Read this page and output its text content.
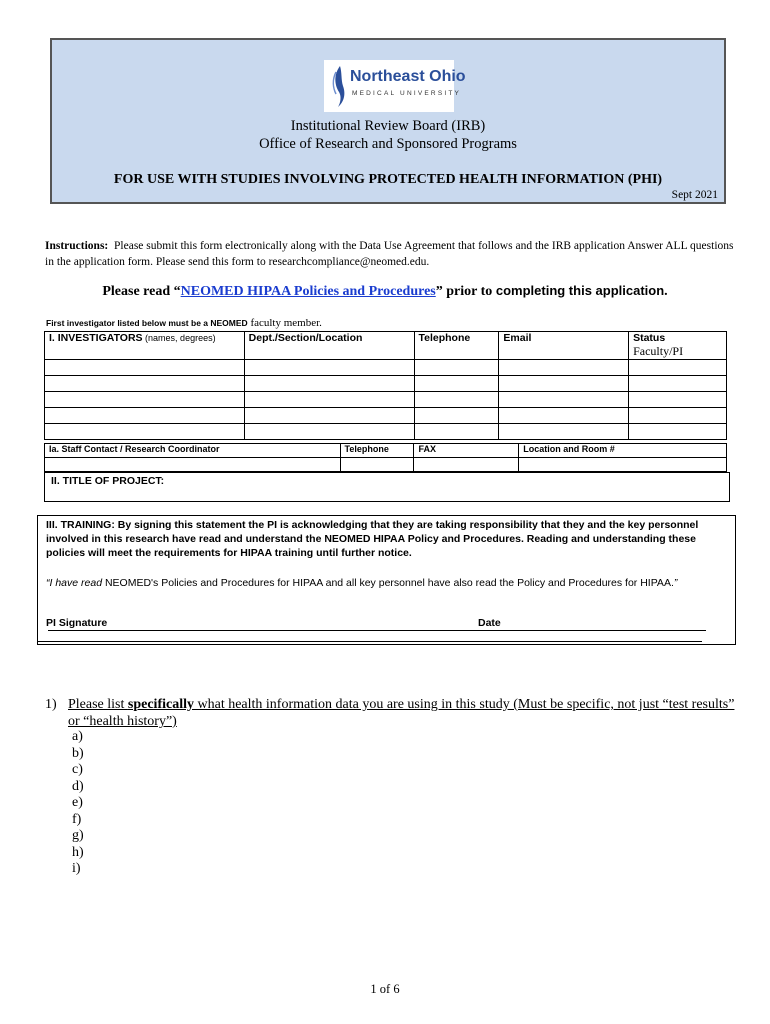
Northeast Ohio
MEDICAL UNIVERSITY
Institutional Review Board (IRB)
Office of Research and Sponsored Programs
FOR USE WITH STUDIES INVOLVING PROTECTED HEALTH INFORMATION (PHI)
Sept 2021
Instructions: Please submit this form electronically along with the Data Use Agreement that follows and the IRB application Answer ALL questions in the application form. Please send this form to researchcompliance@neomed.edu.
Please read “NEOMED HIPAA Policies and Procedures” prior to completing this application.
First investigator listed below must be a NEOMED faculty member.
I. INVESTIGATORS (names, degrees)	Dept./Section/Location	Telephone	Email	Status
Faculty/PI

Ia. Staff Contact / Research Coordinator	Telephone	FAX	Location and Room #

II. TITLE OF PROJECT:
III. TRAINING: By signing this statement the PI is acknowledging that they are taking responsibility that they and the key personnel involved in this research have read and understand the NEOMED HIPAA Policy and Procedures. Reading and understanding these policies will meet the requirements for HIPAA training until further notice.
“I have read NEOMED's Policies and Procedures for HIPAA and all key personnel have also read the Policy and Procedures for HIPAA.”
PI Signature	Date
1) Please list specifically what health information data you are using in this study (Must be specific, not just “test results” or “health history”)
a)
b)
c)
d)
e)
f)
g)
h)
i)
1 of 6
